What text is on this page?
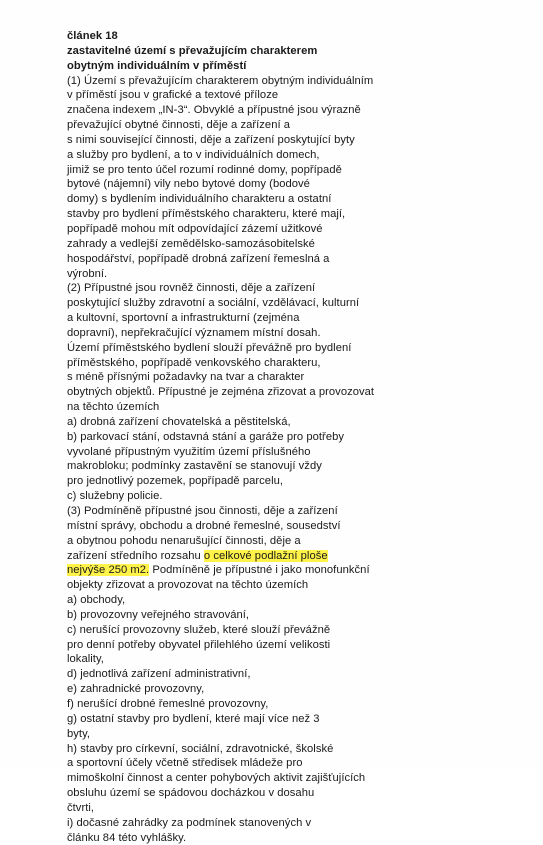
článek 18
zastavitelné území s převažujícím charakterem
obytným individuálním v příměstí
(1) Území s převažujícím charakterem obytným individuálním
v příměstí jsou v grafické a textové příloze
značena indexem „IN-3“. Obvyklé a přípustné jsou výrazně
převažující obytné činnosti, děje a zařízení a
s nimi související činnosti, děje a zařízení poskytující byty
a služby pro bydlení, a to v individuálních domech,
jimiž se pro tento účel rozumí rodinné domy, popřípadě
bytové (nájemní) vily nebo bytové domy (bodové
domy) s bydlením individuálního charakteru a ostatní
stavby pro bydlení příměstského charakteru, které mají,
popřípadě mohou mít odpovídající zázemí užitkové
zahrady a vedlejší zemědělsko-samozásobitelské
hospodářství, popřípadě drobná zařízení řemeslná a
výrobní.
(2) Přípustné jsou rovněž činnosti, děje a zařízení
poskytující služby zdravotní a sociální, vzdělávací, kulturní
a kultovní, sportovní a infrastrukturní (zejména
dopravní), nepřekračující významem místní dosah.
Území příměstského bydlení slouží převážně pro bydlení
příměstského, popřípadě venkovského charakteru,
s méně přísnými požadavky na tvar a charakter
obytných objektů. Přípustné je zejména zřizovat a provozovat
na těchto územích
a) drobná zařízení chovatelská a pěstitelská,
b) parkovací stání, odstavná stání a garáže pro potřeby
vyvolané přípustným využitím území příslušného
makrobloku; podmínky zastavění se stanovují vždy
pro jednotlivý pozemek, popřípadě parcelu,
c) služebny policie.
(3) Podmíněně přípustné jsou činnosti, děje a zařízení
místní správy, obchodu a drobné řemeslné, sousedství
a obytnou pohodu nenarušující činnosti, děje a
zařízení středního rozsahu o celkové podlažní ploše
nejvýše 250 m2. Podmíněně je přípustné i jako monofunkční
objekty zřizovat a provozovat na těchto územích
a) obchody,
b) provozovny veřejného stravování,
c) nerušící provozovny služeb, které slouží převážně
pro denní potřeby obyvatel přilehlého území velikosti
lokality,
d) jednotlivá zařízení administrativní,
e) zahradnické provozovny,
f) nerušící drobné řemeslné provozovny,
g) ostatní stavby pro bydlení, které mají více než 3
byty,
h) stavby pro církevní, sociální, zdravotnické, školské
a sportovní účely včetně středisek mládeže pro
mimoškolní činnost a center pohybových aktivit zajišťujících
obsluhu území se spádovou docházkou v dosahu
čtvrti,
i) dočasné zahrádky za podmínek stanovených v
článku 84 této vyhlášky.
